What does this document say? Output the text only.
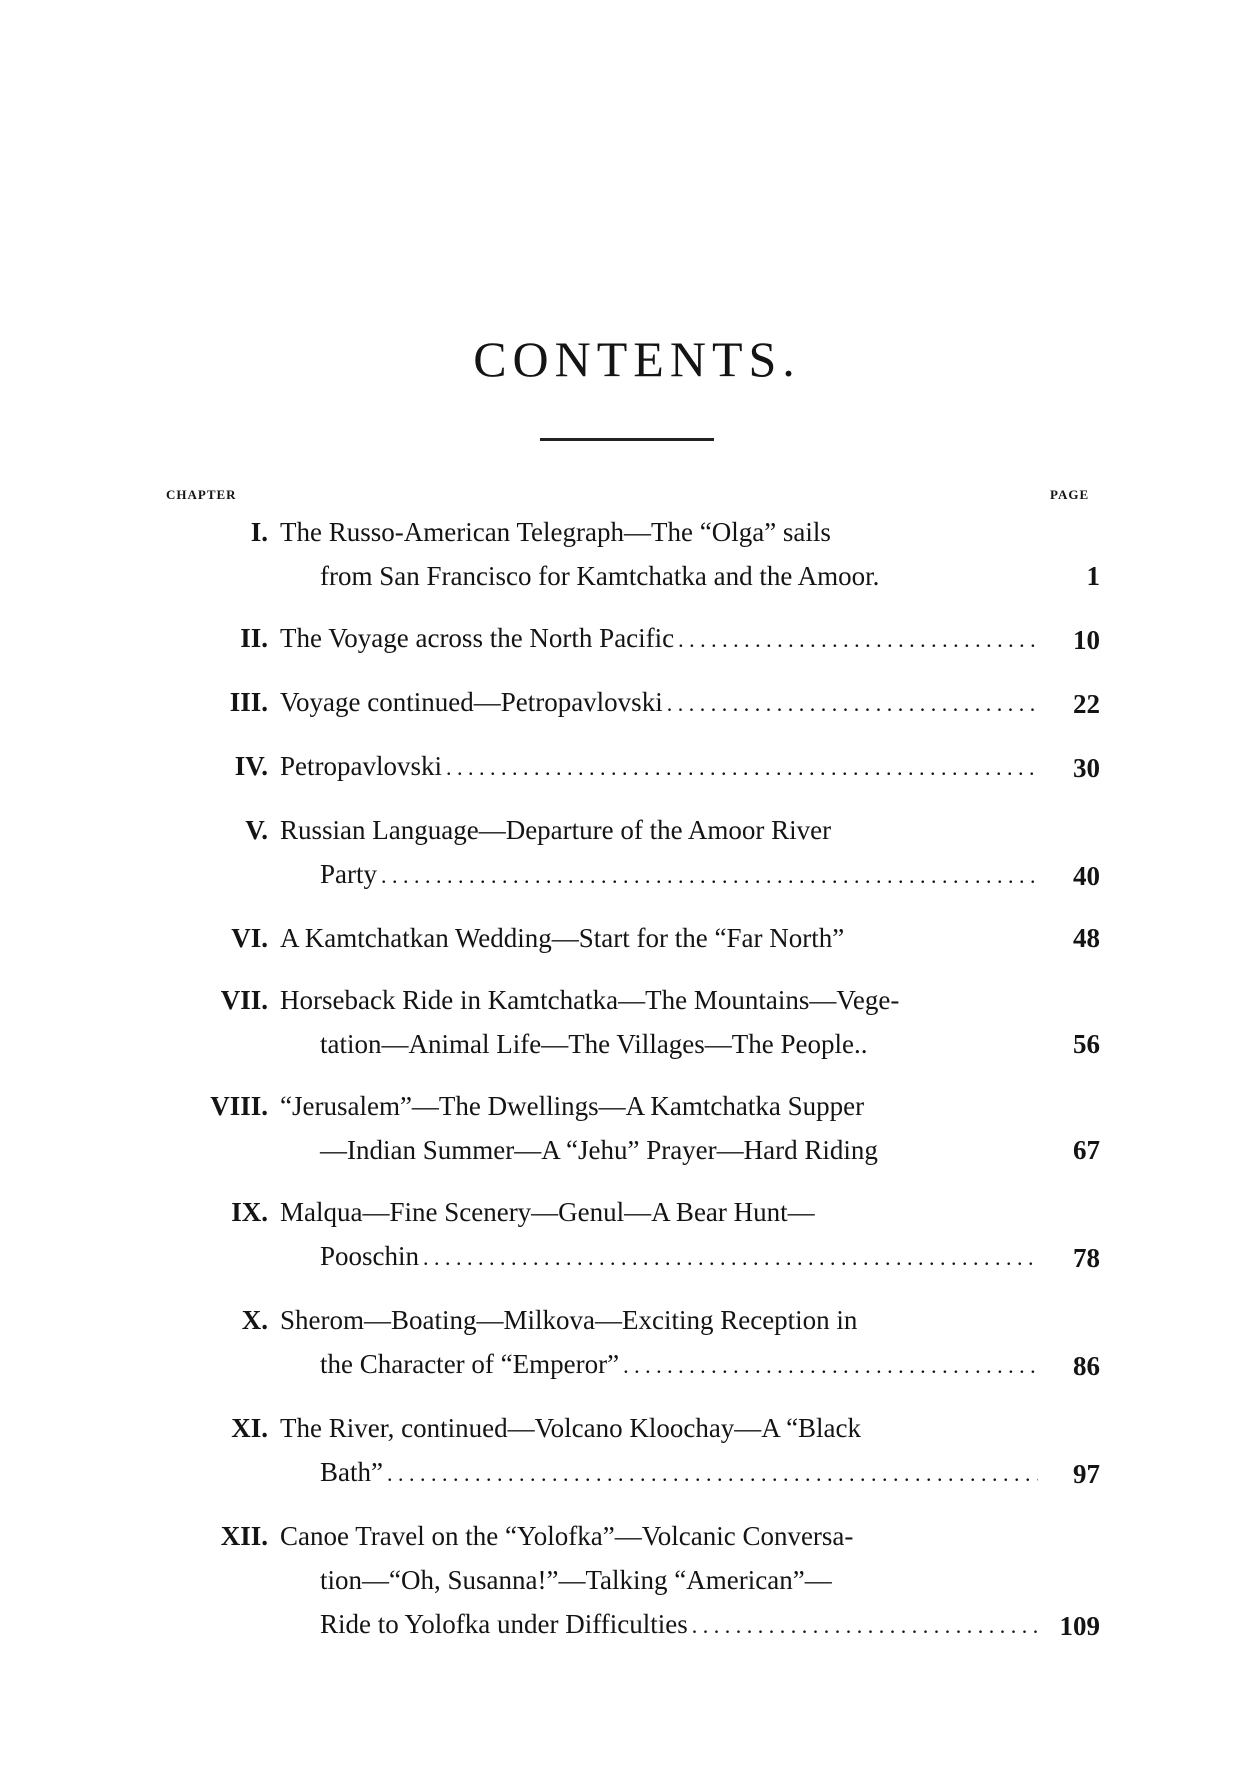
CONTENTS.
CHAPTER	PAGE
I. The Russo-American Telegraph—The “Olga” sails
from San Francisco for Kamtchatka and the Amoor.	1
II. The Voyage across the North Pacific . . .	10
III. Voyage continued—Petropavlovski . . .	22
IV. Petropavlovski . . .	30
V. Russian Language—Departure of the Amoor River
Party . . .	40
VI. A Kamtchatkan Wedding—Start for the “Far North”	48
VII. Horseback Ride in Kamtchatka—The Mountains—Vege-
tation—Animal Life—The Villages—The People..	56
VIII. “Jerusalem”—The Dwellings—A Kamtchatka Supper
—Indian Summer—A “Jehu” Prayer—Hard Riding	67
IX. Malqua—Fine Scenery—Genul—A Bear Hunt—
Pooschin . . .	78
X. Sherom—Boating—Milkova—Exciting Reception in
the Character of “Emperor” . . .	86
XI. The River, continued—Volcano Kloochay—A “Black
Bath” . . .	97
XII. Canoe Travel on the “Yolofka”—Volcanic Conversa-
tion—“Oh, Susanna!”—Talking “American”—
Ride to Yolofka under Difficulties . . .	109
